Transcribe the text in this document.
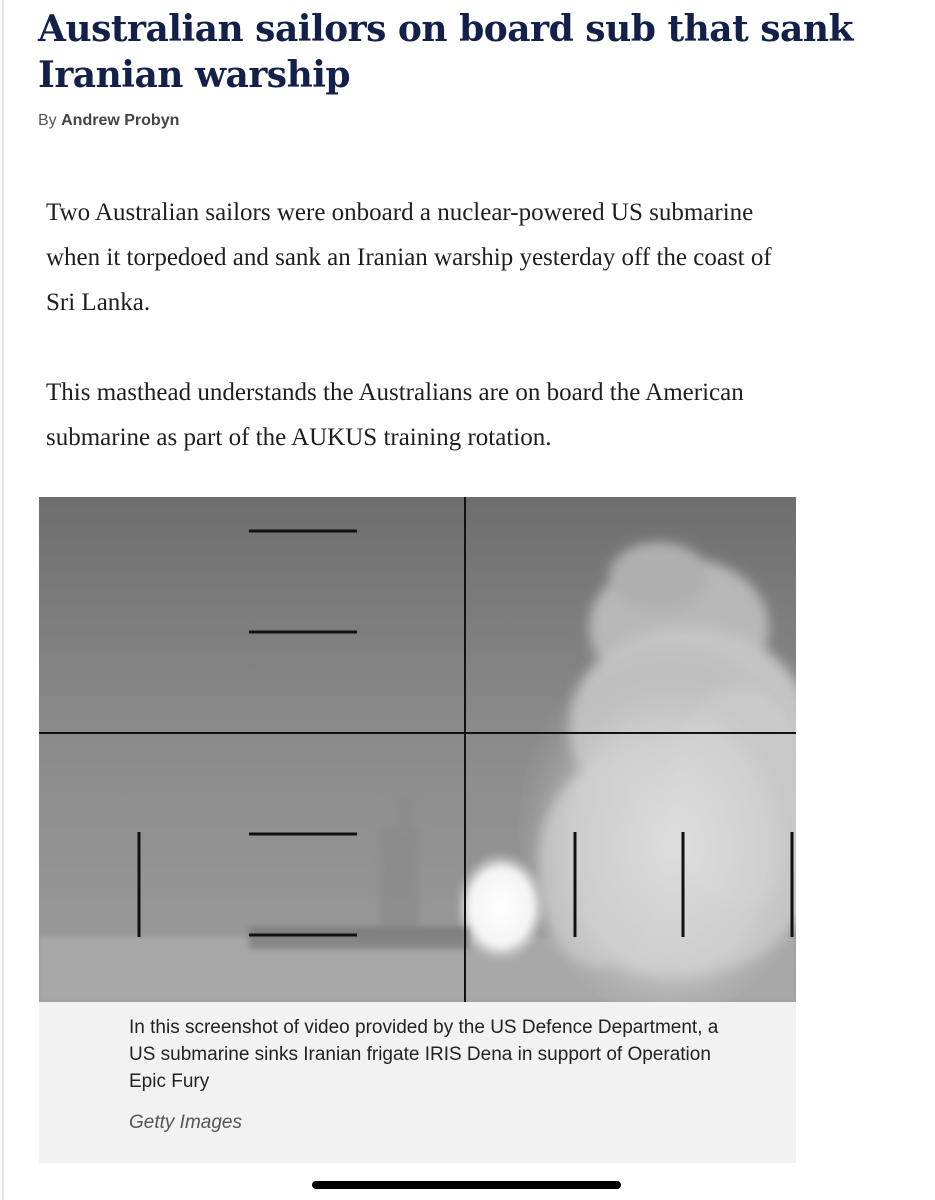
Australian sailors on board sub that sank Iranian warship
By Andrew Probyn

Two Australian sailors were onboard a nuclear-powered US submarine when it torpedoed and sank an Iranian warship yesterday off the coast of Sri Lanka.

This masthead understands the Australians are on board the American submarine as part of the AUKUS training rotation.

In this screenshot of video provided by the US Defence Department, a US submarine sinks Iranian frigate IRIS Dena in support of Operation Epic Fury

Getty Images
